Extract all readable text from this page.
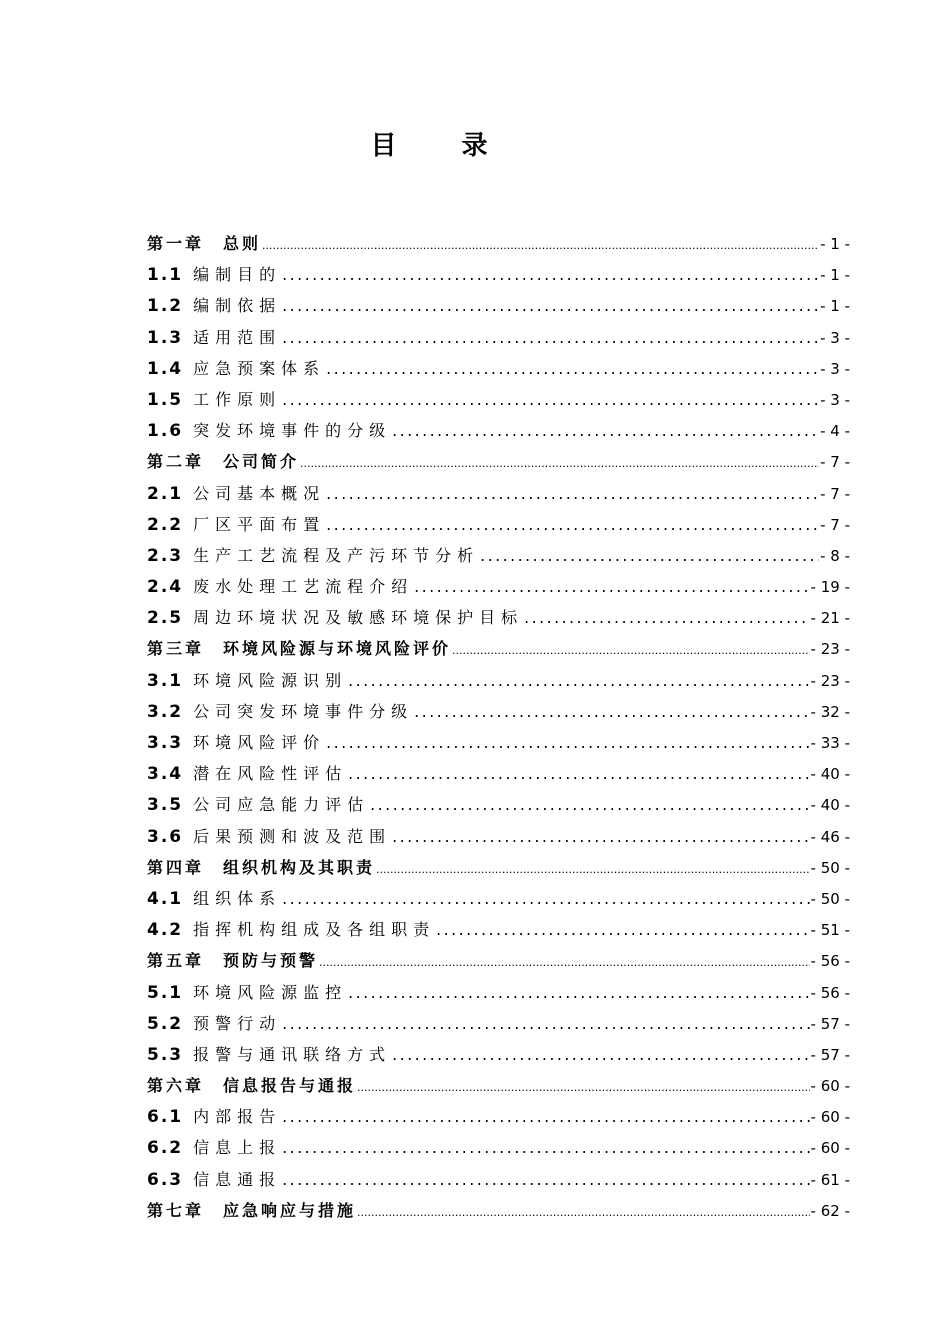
目 录
第一章　总则 .....	- 1 -
1.1 编制目的 .....	- 1 -
1.2 编制依据 .....	- 1 -
1.3 适用范围 .....	- 3 -
1.4 应急预案体系 .....	- 3 -
1.5 工作原则 .....	- 3 -
1.6 突发环境事件的分级 .....	- 4 -
第二章　公司简介 .....	- 7 -
2.1 公司基本概况 .....	- 7 -
2.2 厂区平面布置 .....	- 7 -
2.3 生产工艺流程及产污环节分析 .....	- 8 -
2.4 废水处理工艺流程介绍 .....	- 19 -
2.5 周边环境状况及敏感环境保护目标 .....	- 21 -
第三章　环境风险源与环境风险评价 .....	- 23 -
3.1 环境风险源识别 .....	- 23 -
3.2 公司突发环境事件分级 .....	- 32 -
3.3 环境风险评价 .....	- 33 -
3.4 潜在风险性评估 .....	- 40 -
3.5 公司应急能力评估 .....	- 40 -
3.6 后果预测和波及范围 .....	- 46 -
第四章　组织机构及其职责 .....	- 50 -
4.1 组织体系 .....	- 50 -
4.2 指挥机构组成及各组职责 .....	- 51 -
第五章　预防与预警 .....	- 56 -
5.1 环境风险源监控 .....	- 56 -
5.2 预警行动 .....	- 57 -
5.3 报警与通讯联络方式 .....	- 57 -
第六章　信息报告与通报 .....	- 60 -
6.1 内部报告 .....	- 60 -
6.2 信息上报 .....	- 60 -
6.3 信息通报 .....	- 61 -
第七章　应急响应与措施 .....	- 62 -
